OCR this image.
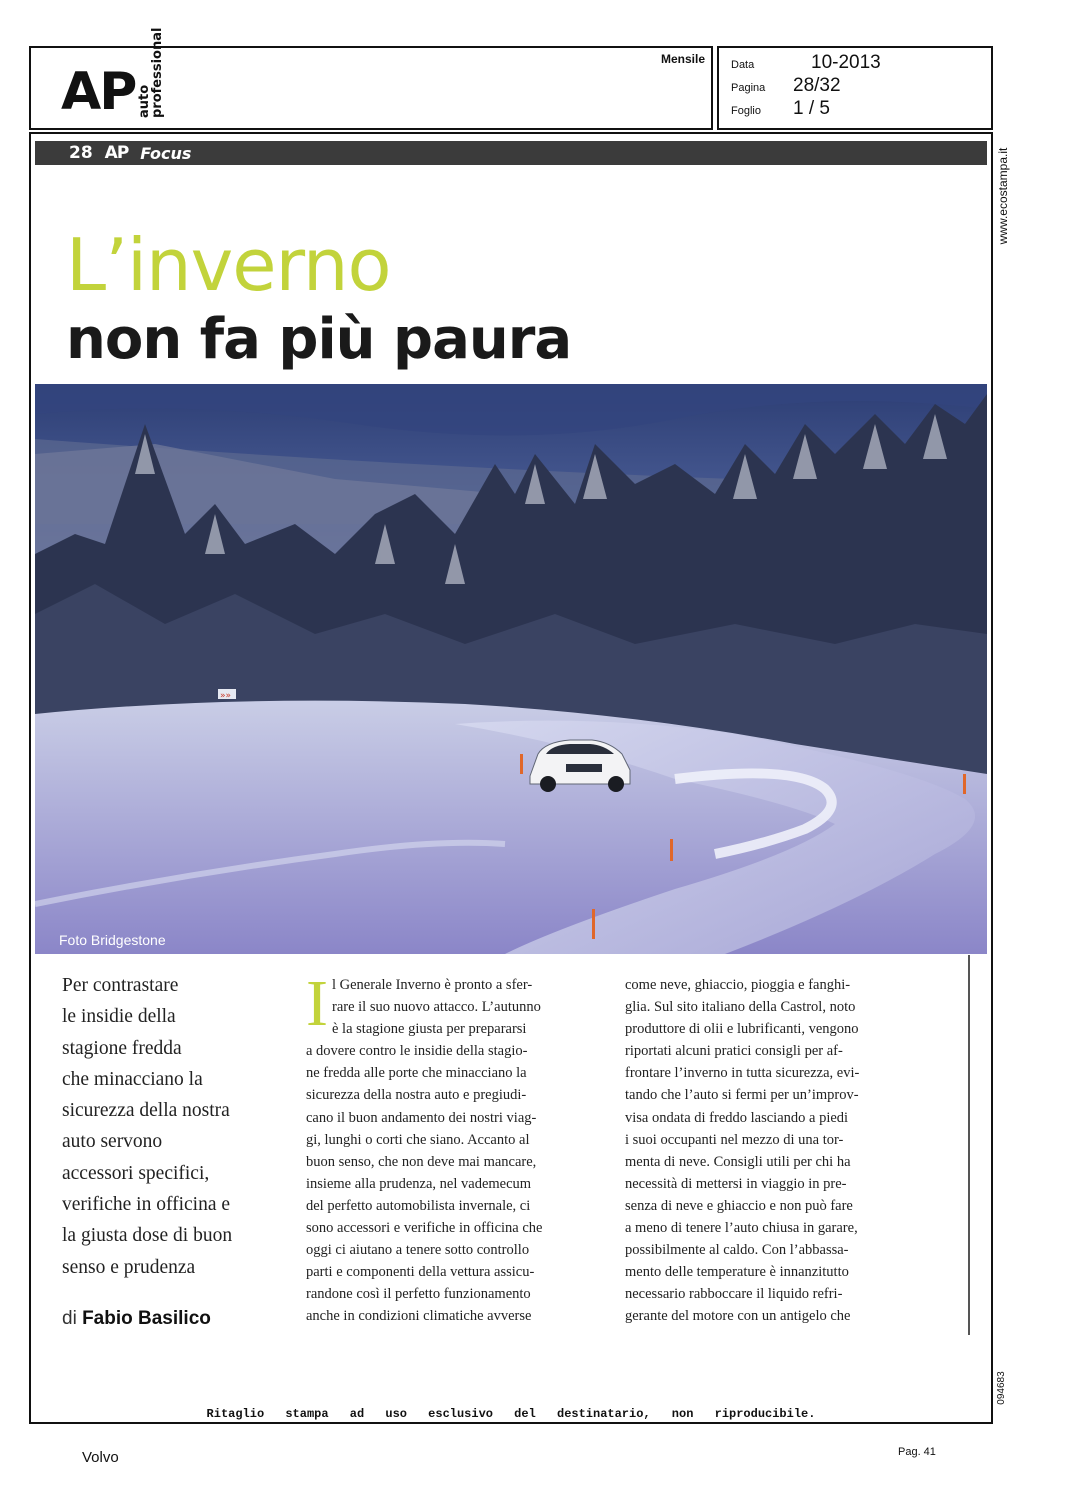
AP auto professional	Mensile Data	10-2013
Pagina	28/32
Foglio	1 / 5
28 AP Focus	www.ecostampa.it
094683
L’inverno
non fa più paura
»»
Foto Bridgestone
Per contrastare
le insidie della
stagione fredda
che minacciano la
sicurezza della nostra
auto servono
accessori specifici,
verifiche in officina e
la giusta dose di buon
senso e prudenza
di Fabio Basilico
I l Generale Inverno è pronto a sfer-
rare il suo nuovo attacco. L’autunno
è la stagione giusta per prepararsi
a dovere contro le insidie della stagio-
ne fredda alle porte che minacciano la
sicurezza della nostra auto e pregiudi-
cano il buon andamento dei nostri viag-
gi, lunghi o corti che siano. Accanto al
buon senso, che non deve mai mancare,
insieme alla prudenza, nel vademecum
del perfetto automobilista invernale, ci
sono accessori e verifiche in officina che
oggi ci aiutano a tenere sotto controllo
parti e componenti della vettura assicu-
randone così il perfetto funzionamento
anche in condizioni climatiche avverse
come neve, ghiaccio, pioggia e fanghi-
glia. Sul sito italiano della Castrol, noto
produttore di olii e lubrificanti, vengono
riportati alcuni pratici consigli per af-
frontare l’inverno in tutta sicurezza, evi-
tando che l’auto si fermi per un’improv-
visa ondata di freddo lasciando a piedi
i suoi occupanti nel mezzo di una tor-
menta di neve. Consigli utili per chi ha
necessità di mettersi in viaggio in pre-
senza di neve e ghiaccio e non può fare
a meno di tenere l’auto chiusa in garare,
possibilmente al caldo. Con l’abbassa-
mento delle temperature è innanzitutto
necessario rabboccare il liquido refri-
gerante del motore con un antigelo che
Ritaglio stampa ad uso esclusivo del destinatario, non riproducibile.
Volvo	Pag. 41
